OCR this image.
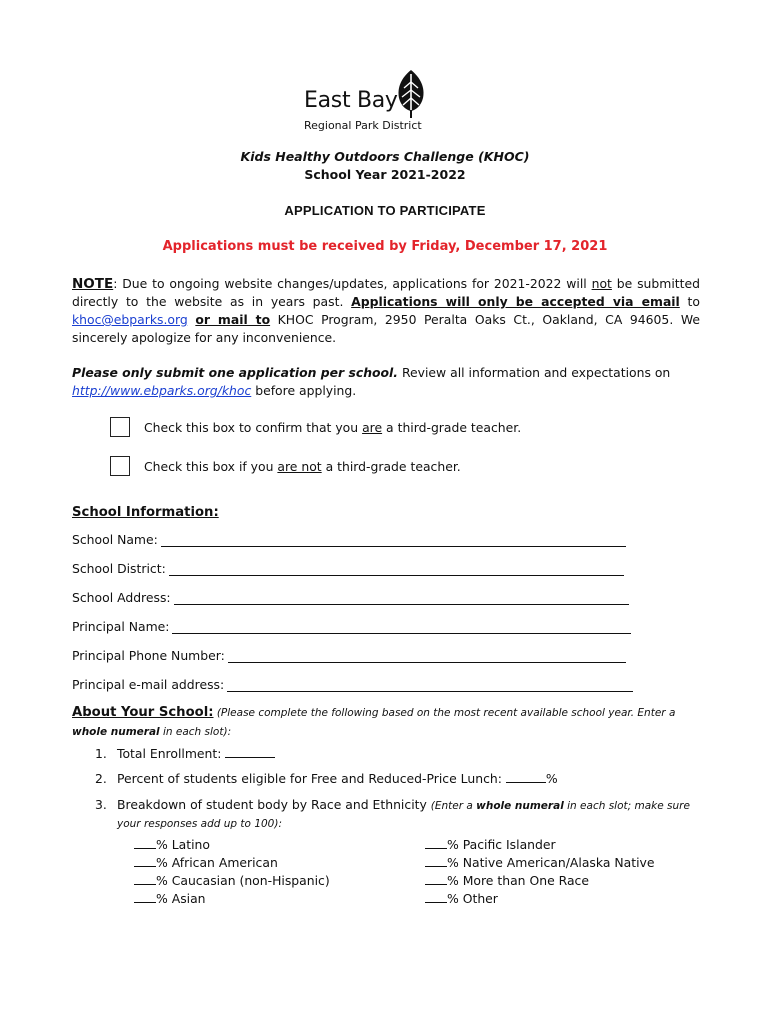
East Bay
Regional Park District
Kids Healthy Outdoors Challenge (KHOC)
School Year 2021-2022
APPLICATION TO PARTICIPATE
Applications must be received by Friday, December 17, 2021
NOTE: Due to ongoing website changes/updates, applications for 2021-2022 will not be submitted directly to the website as in years past. Applications will only be accepted via email to khoc@ebparks.org or mail to KHOC Program, 2950 Peralta Oaks Ct., Oakland, CA 94605. We sincerely apologize for any inconvenience.
Please only submit one application per school. Review all information and expectations on
http://www.ebparks.org/khoc before applying.
Check this box to confirm that you are a third-grade teacher.
Check this box if you are not a third-grade teacher.
School Information:
School Name:
School District:
School Address:
Principal Name:
Principal Phone Number:
Principal e-mail address:
About Your School: (Please complete the following based on the most recent available school year. Enter a whole numeral in each slot):
1. Total Enrollment:
2. Percent of students eligible for Free and Reduced-Price Lunch:	%
3. Breakdown of student body by Race and Ethnicity (Enter a whole numeral in each slot; make sure
your responses add up to 100):
% Latino
% African American
% Caucasian (non-Hispanic)
% Asian
% Pacific Islander
% Native American/Alaska Native
% More than One Race
% Other
